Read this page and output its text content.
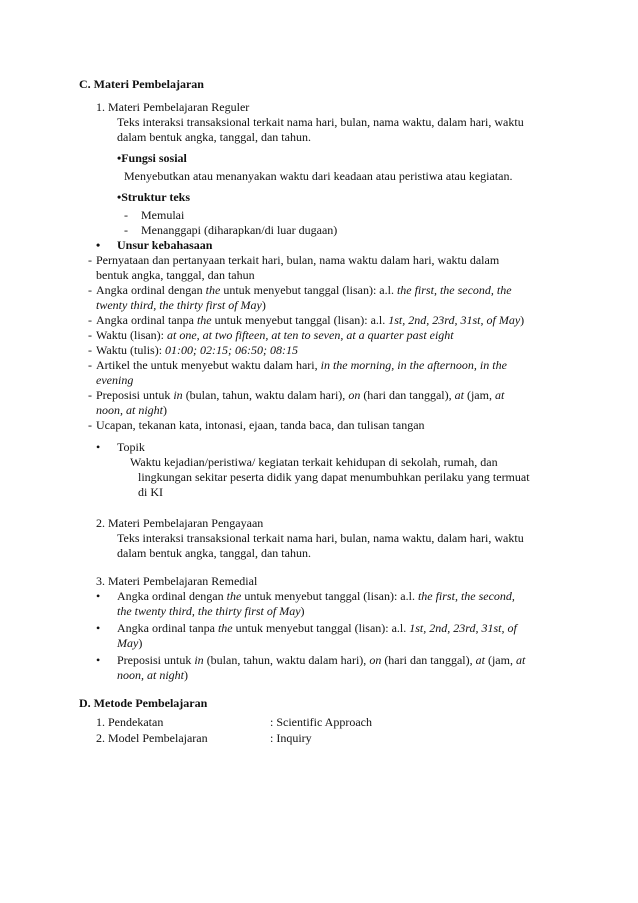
C. Materi Pembelajaran
1. Materi Pembelajaran Reguler
Teks interaksi transaksional terkait nama hari, bulan, nama waktu, dalam hari, waktu
dalam bentuk angka, tanggal, dan tahun.
•Fungsi sosial
Menyebutkan atau menanyakan waktu dari keadaan atau peristiwa atau kegiatan.
•Struktur teks
- Memulai
- Menanggapi (diharapkan/di luar dugaan)
• Unsur kebahasaan
- Pernyataan dan pertanyaan terkait hari, bulan, nama waktu dalam hari, waktu dalam
bentuk angka, tanggal, dan tahun
- Angka ordinal dengan the untuk menyebut tanggal (lisan): a.l. the first, the second, the
twenty third, the thirty first of May)
- Angka ordinal tanpa the untuk menyebut tanggal (lisan): a.l. 1st, 2nd, 23rd, 31st, of May)
- Waktu (lisan): at one, at two fifteen, at ten to seven, at a quarter past eight
- Waktu (tulis): 01:00; 02:15; 06:50; 08:15
- Artikel the untuk menyebut waktu dalam hari, in the morning, in the afternoon, in the
evening
- Preposisi untuk in (bulan, tahun, waktu dalam hari), on (hari dan tanggal), at (jam, at
noon, at night)
- Ucapan, tekanan kata, intonasi, ejaan, tanda baca, dan tulisan tangan
• Topik
Waktu kejadian/peristiwa/ kegiatan terkait kehidupan di sekolah, rumah, dan
lingkungan sekitar peserta didik yang dapat menumbuhkan perilaku yang termuat
di KI
2. Materi Pembelajaran Pengayaan
Teks interaksi transaksional terkait nama hari, bulan, nama waktu, dalam hari, waktu
dalam bentuk angka, tanggal, dan tahun.
3. Materi Pembelajaran Remedial
• Angka ordinal dengan the untuk menyebut tanggal (lisan): a.l. the first, the second,
the twenty third, the thirty first of May)
• Angka ordinal tanpa the untuk menyebut tanggal (lisan): a.l. 1st, 2nd, 23rd, 31st, of
May)
• Preposisi untuk in (bulan, tahun, waktu dalam hari), on (hari dan tanggal), at (jam, at
noon, at night)
D. Metode Pembelajaran
1. Pendekatan	: Scientific Approach
2. Model Pembelajaran	: Inquiry
